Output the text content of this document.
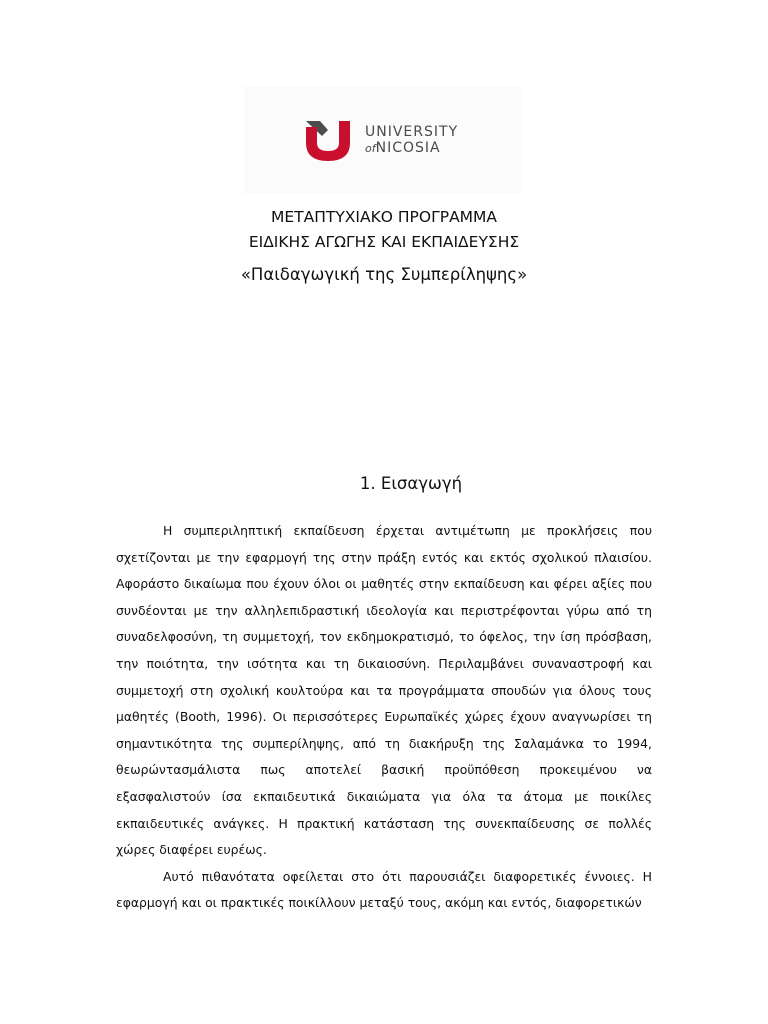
UNIVERSITY
ofNICOSIA
ΜΕΤΑΠΤΥΧΙΑΚΟ ΠΡΟΓΡΑΜΜΑ
ΕΙΔΙΚΗΣ ΑΓΩΓΗΣ ΚΑΙ ΕΚΠΑΙΔΕΥΣΗΣ
«Παιδαγωγική της Συμπερίληψης»
1. Εισαγωγή

Η συμπεριληπτική εκπαίδευση έρχεται αντιμέτωπη με προκλήσεις που σχετίζονται με την εφαρμογή της στην πράξη εντός και εκτός σχολικού πλαισίου. Αφοράστο δικαίωμα που έχουν όλοι οι μαθητές στην εκπαίδευση και φέρει αξίες που συνδέονται με την αλληλεπιδραστική ιδεολογία και περιστρέφονται γύρω από τη συναδελφοσύνη, τη συμμετοχή, τον εκδημοκρατισμό, το όφελος, την ίση πρόσβαση, την ποιότητα, την ισότητα και τη δικαιοσύνη. Περιλαμβάνει συναναστροφή και συμμετοχή στη σχολική κουλτούρα και τα προγράμματα σπουδών για όλους τους μαθητές (Booth, 1996). Οι περισσότερες Ευρωπαϊκές χώρες έχουν αναγνωρίσει τη σημαντικότητα της συμπερίληψης, από τη διακήρυξη της Σαλαμάνκα το 1994, θεωρώντασμάλιστα πως αποτελεί βασική προϋπόθεση προκειμένου να εξασφαλιστούν ίσα εκπαιδευτικά δικαιώματα για όλα τα άτομα με ποικίλες εκπαιδευτικές ανάγκες. Η πρακτική κατάσταση της συνεκπαίδευσης σε πολλές χώρες διαφέρει ευρέως.

Αυτό πιθανότατα οφείλεται στο ότι παρουσιάζει διαφορετικές έννοιες. Η εφαρμογή και οι πρακτικές ποικίλλουν μεταξύ τους, ακόμη και εντός, διαφορετικών
